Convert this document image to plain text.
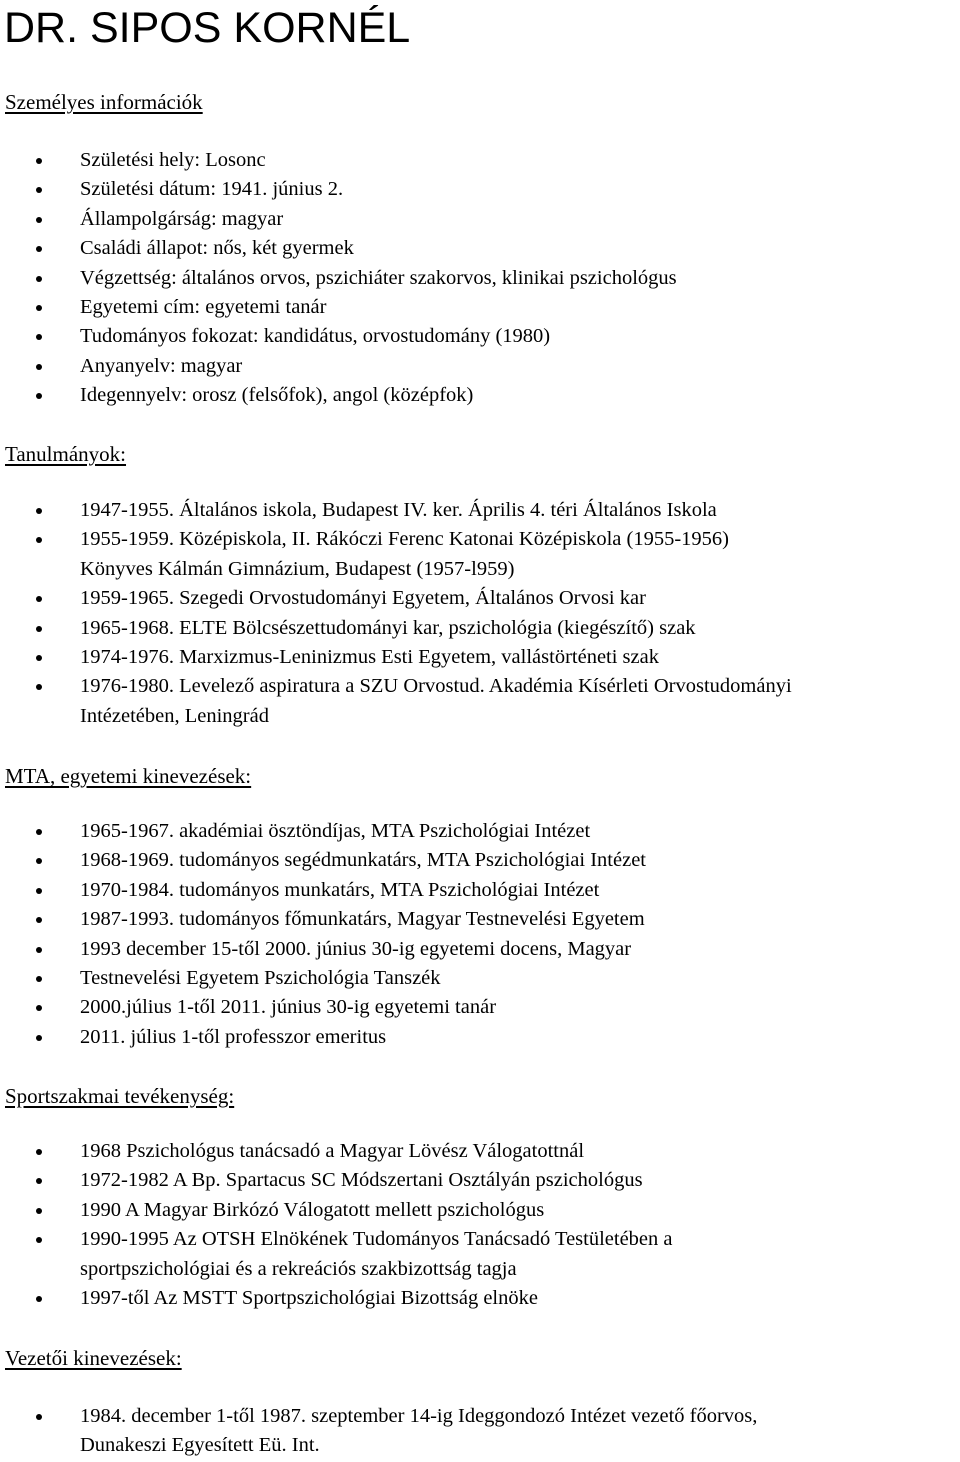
DR. SIPOS KORNÉL
Személyes információk
Születési hely: Losonc
Születési dátum: 1941. június 2.
Állampolgárság: magyar
Családi állapot: nős, két gyermek
Végzettség: általános orvos, pszichiáter szakorvos, klinikai pszichológus
Egyetemi cím: egyetemi tanár
Tudományos fokozat: kandidátus, orvostudomány (1980)
Anyanyelv: magyar
Idegennyelv: orosz (felsőfok), angol (középfok)
Tanulmányok:
1947-1955. Általános iskola, Budapest IV. ker. Április 4. téri Általános Iskola
1955-1959. Középiskola, II. Rákóczi Ferenc Katonai Középiskola (1955-1956)
Könyves Kálmán Gimnázium, Budapest (1957-l959)
1959-1965. Szegedi Orvostudományi Egyetem, Általános Orvosi kar
1965-1968. ELTE Bölcsészettudományi kar, pszichológia (kiegészítő) szak
1974-1976. Marxizmus-Leninizmus Esti Egyetem, vallástörténeti szak
1976-1980. Levelező aspiratura a SZU Orvostud. Akadémia Kísérleti Orvostudományi
Intézetében, Leningrád
MTA, egyetemi kinevezések:
1965-1967. akadémiai ösztöndíjas, MTA Pszichológiai Intézet
1968-1969. tudományos segédmunkatárs, MTA Pszichológiai Intézet
1970-1984. tudományos munkatárs, MTA Pszichológiai Intézet
1987-1993. tudományos főmunkatárs, Magyar Testnevelési Egyetem
1993 december 15-től 2000. június 30-ig egyetemi docens, Magyar
Testnevelési Egyetem Pszichológia Tanszék
2000.július 1-től 2011. június 30-ig egyetemi tanár
2011. július 1-től professzor emeritus
Sportszakmai tevékenység:
1968 Pszichológus tanácsadó a Magyar Lövész Válogatottnál
1972-1982 A Bp. Spartacus SC Módszertani Osztályán pszichológus
1990 A Magyar Birkózó Válogatott mellett pszichológus
1990-1995 Az OTSH Elnökének Tudományos Tanácsadó Testületében a
sportpszichológiai és a rekreációs szakbizottság tagja
1997-től Az MSTT Sportpszichológiai Bizottság elnöke
Vezetői kinevezések:
1984. december 1-től 1987. szeptember 14-ig Ideggondozó Intézet vezető főorvos,
Dunakeszi Egyesített Eü. Int.
